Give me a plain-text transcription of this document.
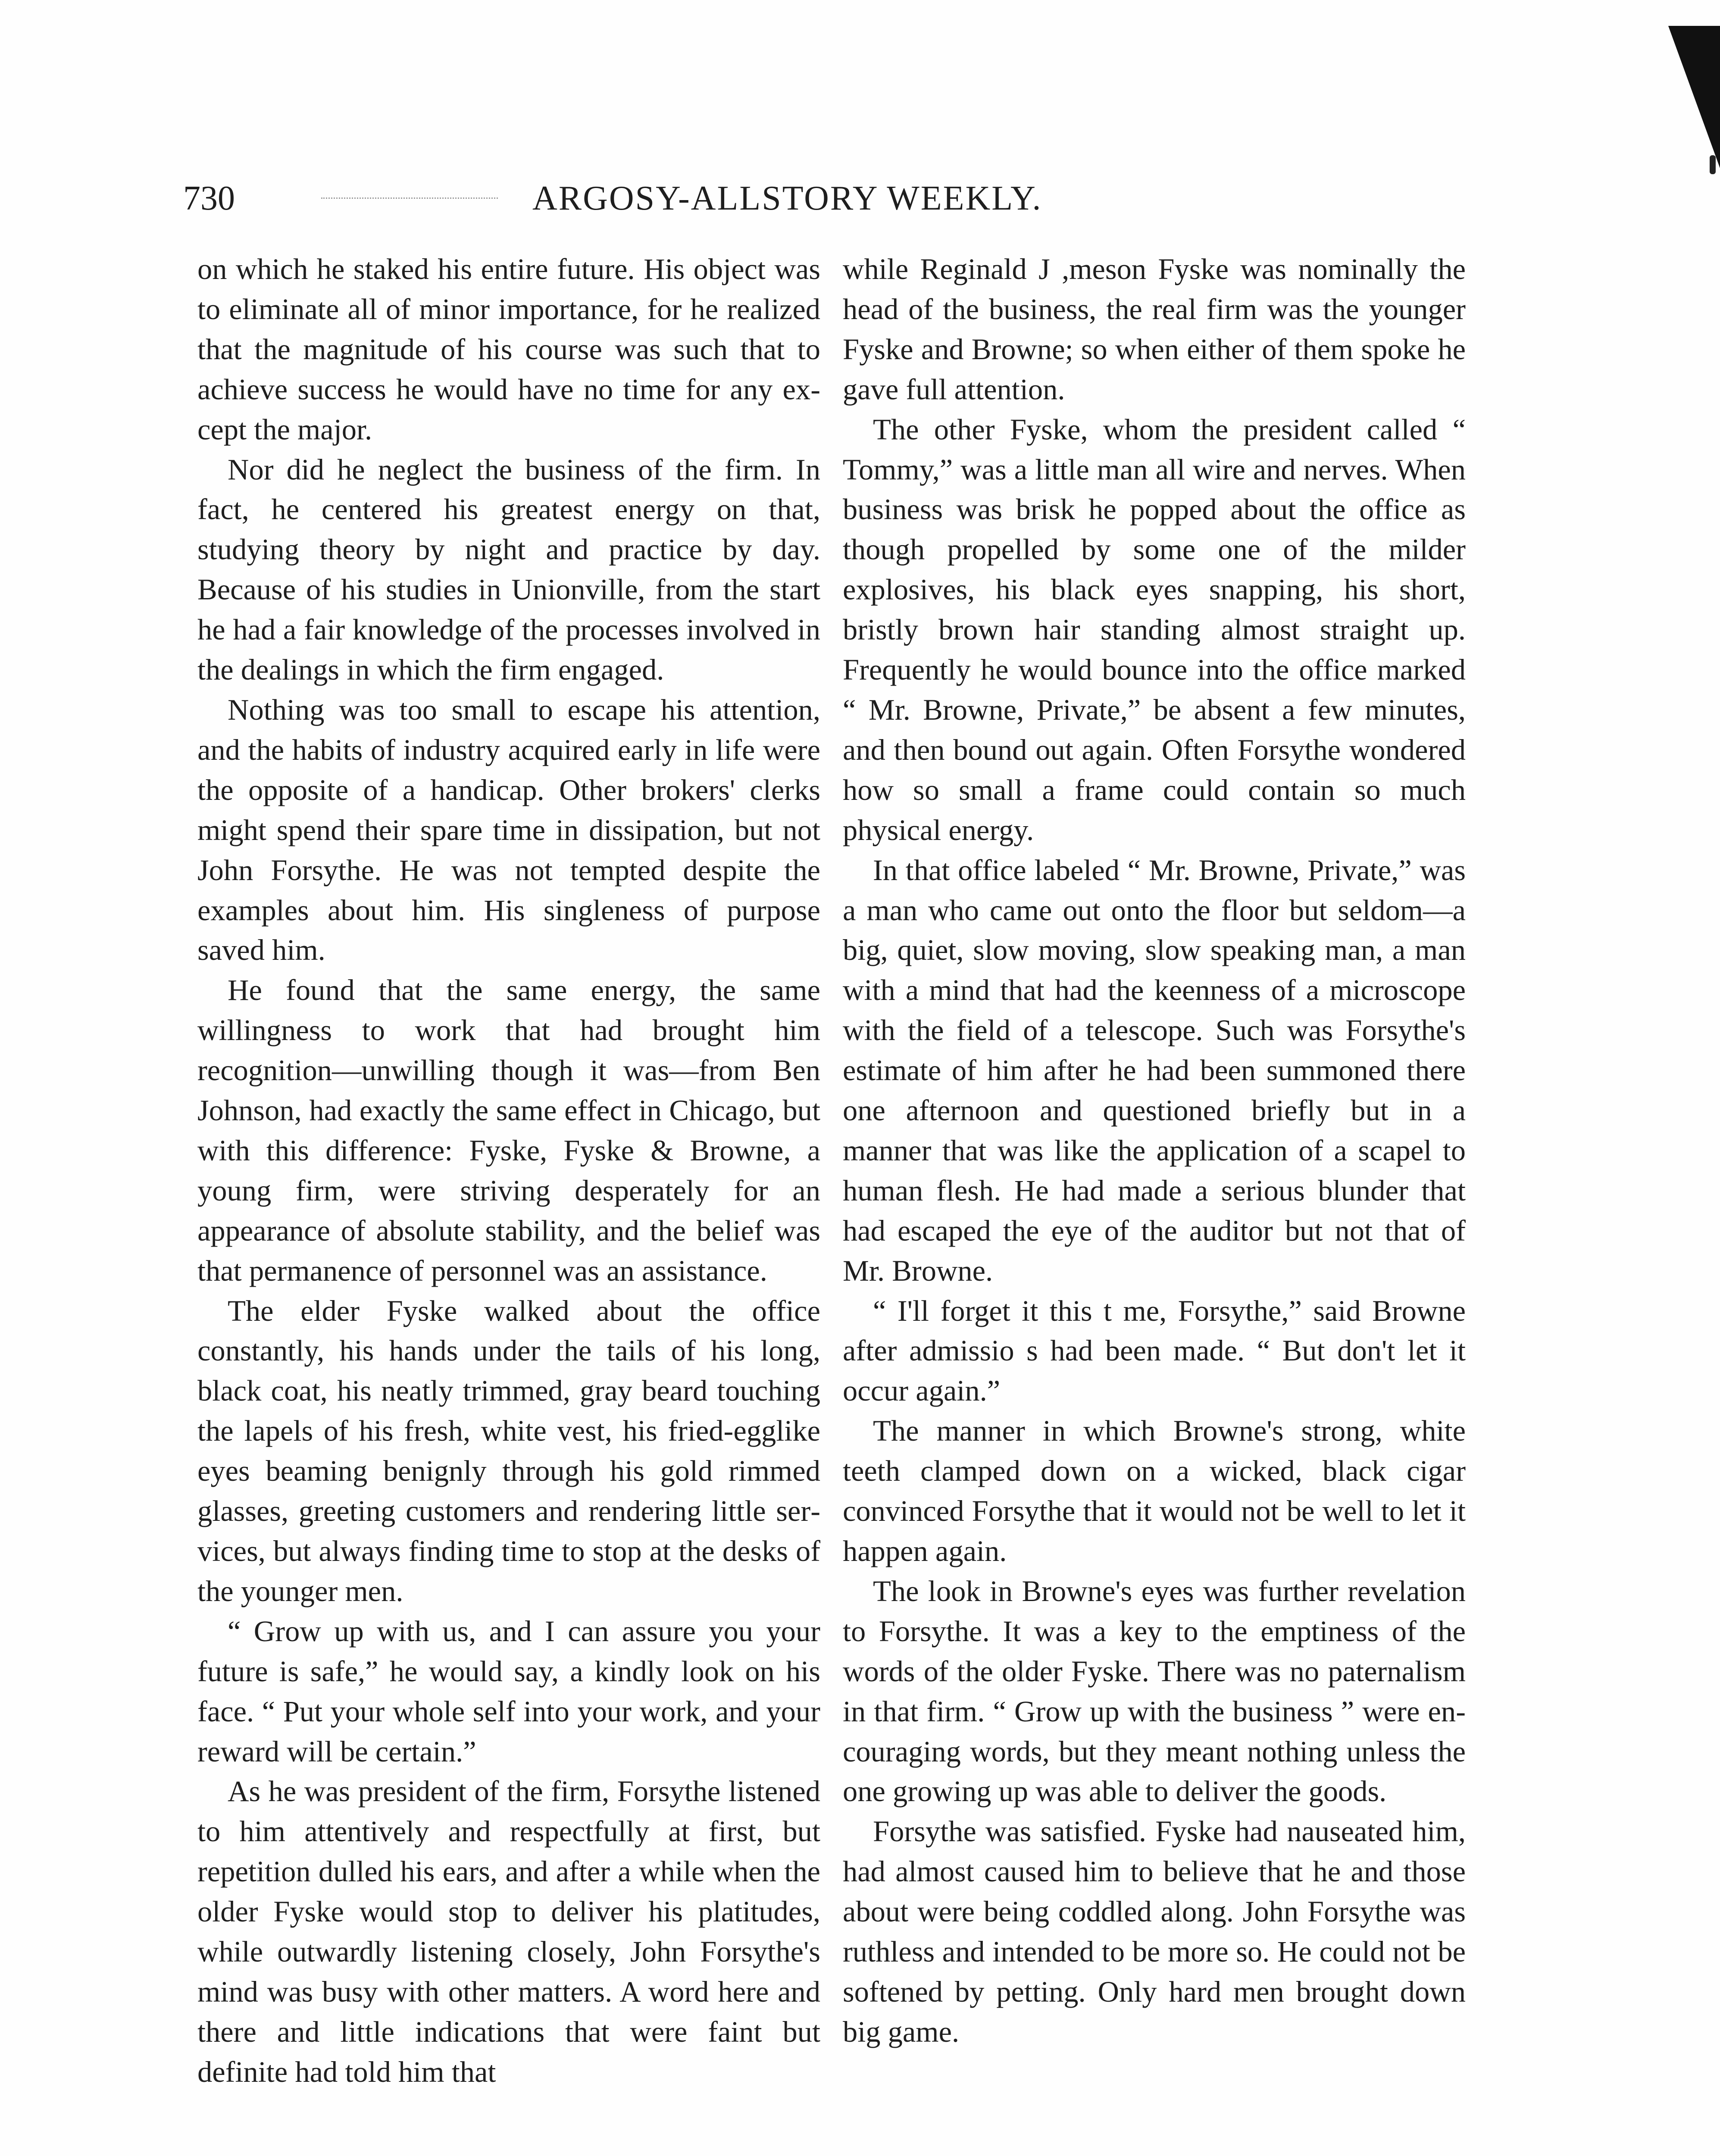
730	ARGOSY-ALLSTORY WEEKLY.

on which he staked his entire future. His object was to eliminate all of minor importance, for he realized that the magnitude of his course was such that to achieve success he would have no time for any except the major.

Nor did he neglect the business of the firm. In fact, he centered his greatest energy on that, studying theory by night and practice by day. Because of his studies in Unionville, from the start he had a fair knowledge of the processes involved in the dealings in which the firm engaged.

Nothing was too small to escape his attention, and the habits of industry acquired early in life were the opposite of a handicap. Other brokers' clerks might spend their spare time in dissipation, but not John Forsythe. He was not tempted despite the examples about him. His singleness of purpose saved him.

He found that the same energy, the same willingness to work that had brought him recognition—unwilling though it was—from Ben Johnson, had exactly the same effect in Chicago, but with this difference: Fyske, Fyske & Browne, a young firm, were striving desperately for an appearance of absolute stability, and the belief was that permanence of personnel was an assistance.

The elder Fyske walked about the office constantly, his hands under the tails of his long, black coat, his neatly trimmed, gray beard touching the lapels of his fresh, white vest, his fried-egglike eyes beaming benignly through his gold rimmed glasses, greeting customers and rendering little services, but always finding time to stop at the desks of the younger men.

“ Grow up with us, and I can assure you your future is safe,” he would say, a kindly look on his face. “ Put your whole self into your work, and your reward will be certain.”

As he was president of the firm, Forsythe listened to him attentively and respectfully at first, but repetition dulled his ears, and after a while when the older Fyske would stop to deliver his platitudes, while outwardly listening closely, John Forsythe's mind was busy with other matters. A word here and there and little indications that were faint but definite had told him that

while Reginald J ,meson Fyske was nominally the head of the business, the real firm was the younger Fyske and Browne; so when either of them spoke he gave full attention.

The other Fyske, whom the president called “ Tommy,” was a little man all wire and nerves. When business was brisk he popped about the office as though propelled by some one of the milder explosives, his black eyes snapping, his short, bristly brown hair standing almost straight up. Frequently he would bounce into the office marked “ Mr. Browne, Private,” be absent a few minutes, and then bound out again. Often Forsythe wondered how so small a frame could contain so much physical energy.

In that office labeled “ Mr. Browne, Private,” was a man who came out onto the floor but seldom—a big, quiet, slow moving, slow speaking man, a man with a mind that had the keenness of a microscope with the field of a telescope. Such was Forsythe's estimate of him after he had been summoned there one afternoon and questioned briefly but in a manner that was like the application of a scapel to human flesh. He had made a serious blunder that had escaped the eye of the auditor but not that of Mr. Browne.

“ I'll forget it this t me, Forsythe,” said Browne after admissio s had been made. “ But don't let it occur again.”

The manner in which Browne's strong, white teeth clamped down on a wicked, black cigar convinced Forsythe that it would not be well to let it happen again.

The look in Browne's eyes was further revelation to Forsythe. It was a key to the emptiness of the words of the older Fyske. There was no paternalism in that firm. “ Grow up with the business ” were encouraging words, but they meant nothing unless the one growing up was able to deliver the goods.

Forsythe was satisfied. Fyske had nauseated him, had almost caused him to believe that he and those about were being coddled along. John Forsythe was ruthless and intended to be more so. He could not be softened by petting. Only hard men brought down big game.
